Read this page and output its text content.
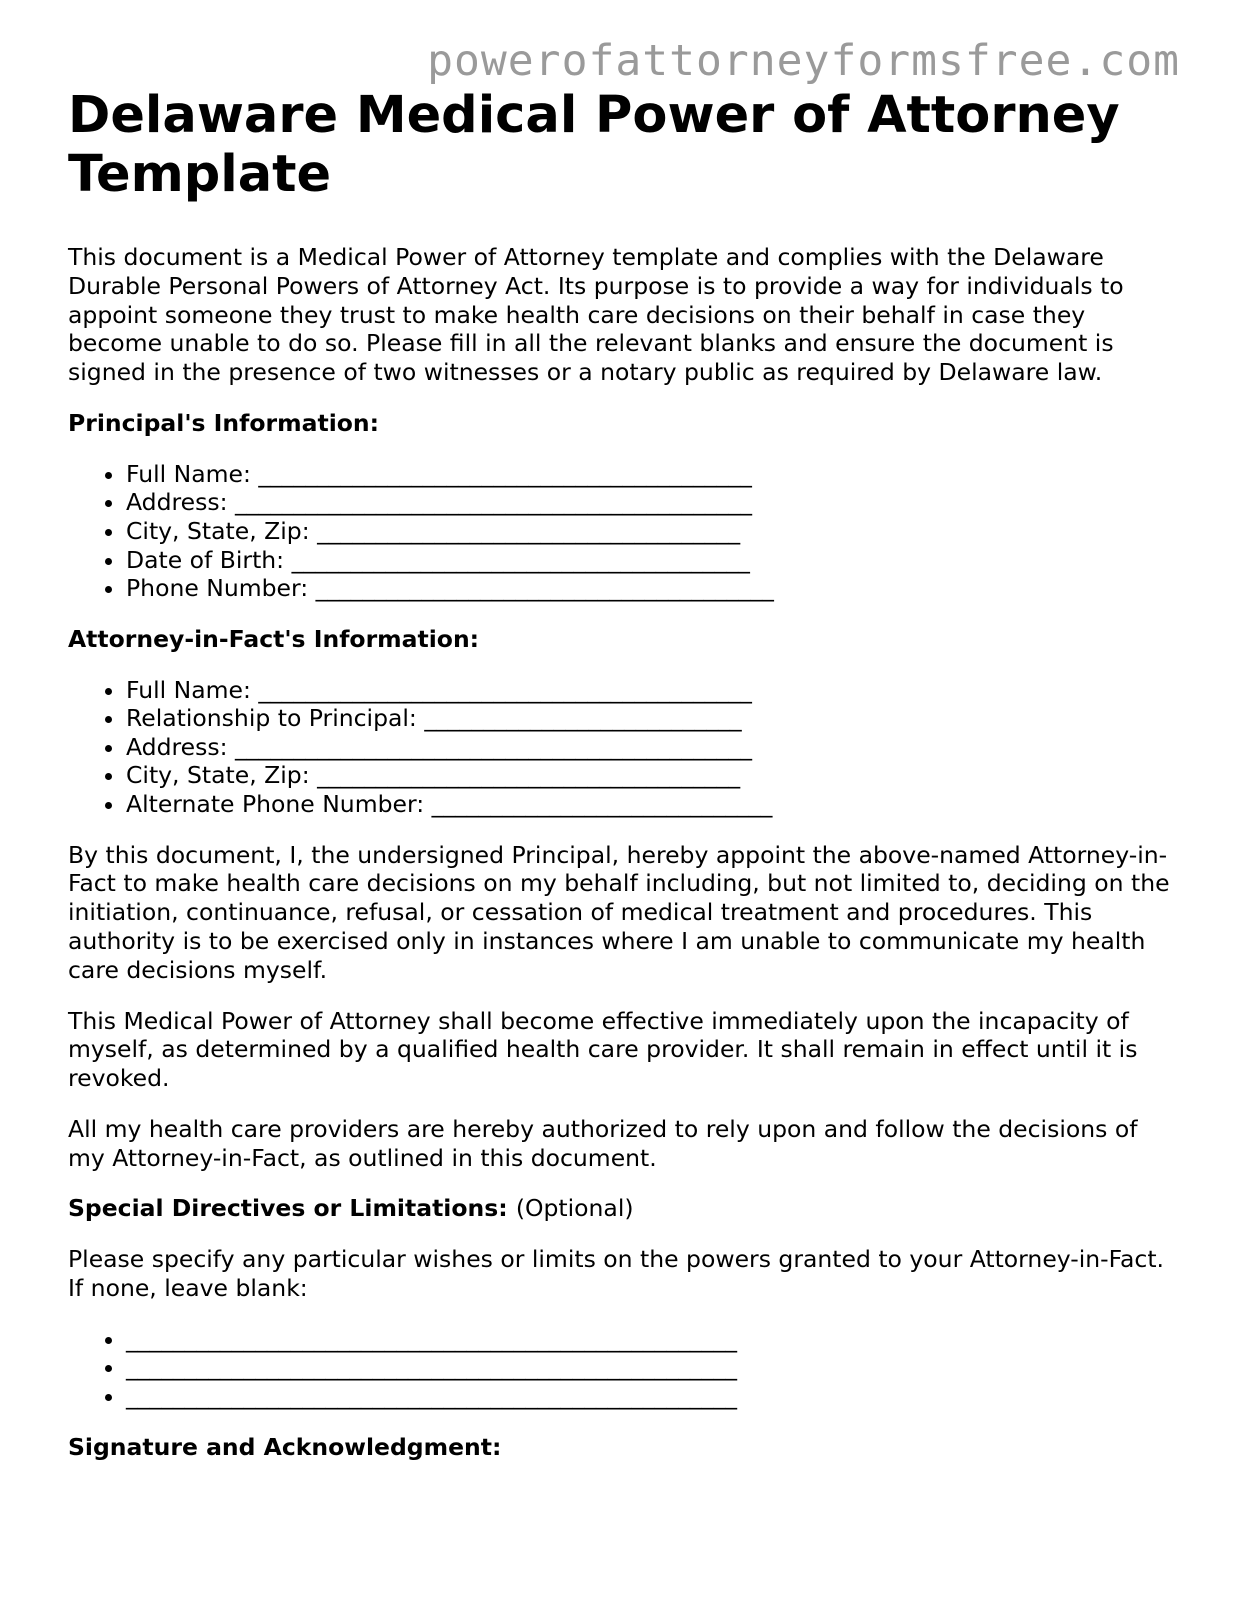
powerofattorneyformsfree.com
Delaware Medical Power of Attorney Template

This document is a Medical Power of Attorney template and complies with the Delaware Durable Personal Powers of Attorney Act. Its purpose is to provide a way for individuals to appoint someone they trust to make health care decisions on their behalf in case they become unable to do so. Please fill in all the relevant blanks and ensure the document is signed in the presence of two witnesses or a notary public as required by Delaware law.

Principal's Information:

• Full Name: __________________________________________
• Address: ____________________________________________
• City, State, Zip: ____________________________________
• Date of Birth: _______________________________________
• Phone Number: _______________________________________

Attorney-in-Fact's Information:

• Full Name: __________________________________________
• Relationship to Principal: ___________________________
• Address: ____________________________________________
• City, State, Zip: ____________________________________
• Alternate Phone Number: _____________________________

By this document, I, the undersigned Principal, hereby appoint the above-named Attorney-in-Fact to make health care decisions on my behalf including, but not limited to, deciding on the initiation, continuance, refusal, or cessation of medical treatment and procedures. This authority is to be exercised only in instances where I am unable to communicate my health care decisions myself.

This Medical Power of Attorney shall become effective immediately upon the incapacity of myself, as determined by a qualified health care provider. It shall remain in effect until it is revoked.

All my health care providers are hereby authorized to rely upon and follow the decisions of my Attorney-in-Fact, as outlined in this document.

Special Directives or Limitations: (Optional)

Please specify any particular wishes or limits on the powers granted to your Attorney-in-Fact. If none, leave blank:

• ____________________________________________________
• ____________________________________________________
• ____________________________________________________

Signature and Acknowledgment:
